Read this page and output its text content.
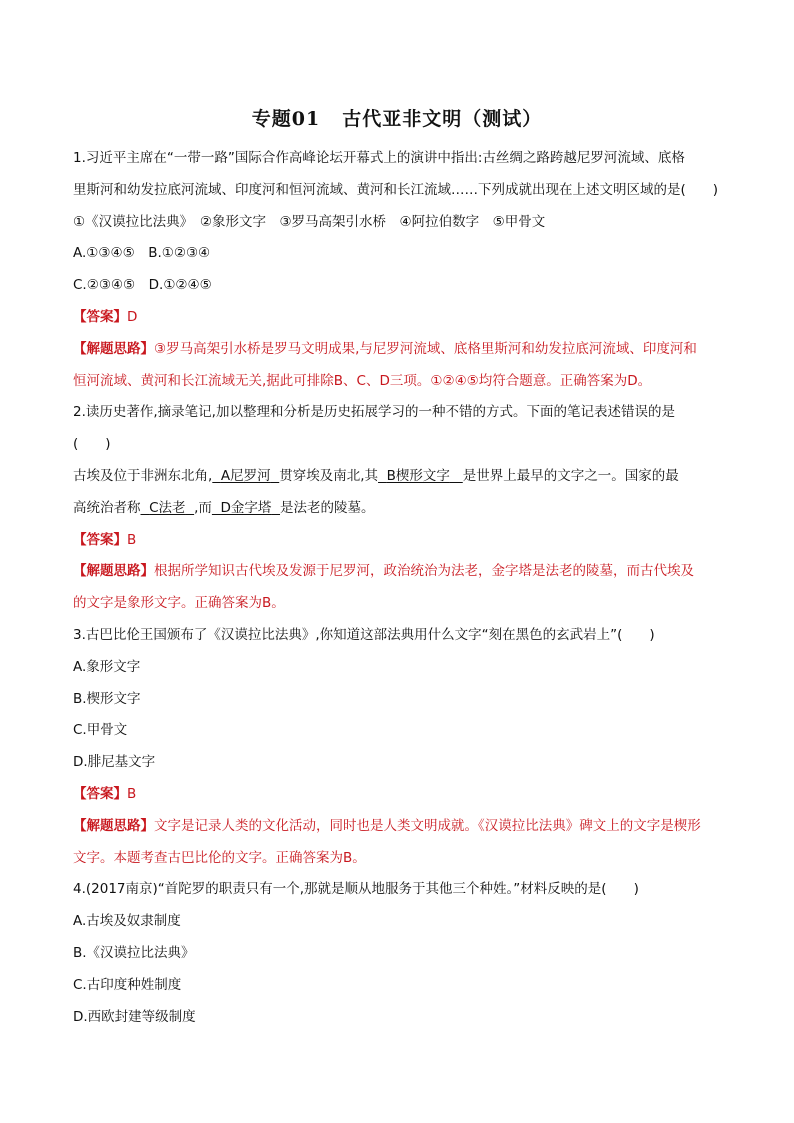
专题01 古代亚非文明（测试）
1.习近平主席在“一带一路”国际合作高峰论坛开幕式上的演讲中指出:古丝绸之路跨越尼罗河流域、底格
里斯河和幼发拉底河流域、印度河和恒河流域、黄河和长江流域……下列成就出现在上述文明区域的是(　　)
①《汉谟拉比法典》　②象形文字　③罗马高架引水桥　④阿拉伯数字　⑤甲骨文
A.①③④⑤　B.①②③④
C.②③④⑤　D.①②④⑤
【答案】D
【解题思路】③罗马高架引水桥是罗马文明成果,与尼罗河流域、底格里斯河和幼发拉底河流域、印度河和
恒河流域、黄河和长江流域无关,据此可排除B、C、D三项。①②④⑤均符合题意。正确答案为D。
2.读历史著作,摘录笔记,加以整理和分析是历史拓展学习的一种不错的方式。下面的笔记表述错误的是
(　　)
古埃及位于非洲东北角, A尼罗河 贯穿埃及南北,其 B楔形文字 是世界上最早的文字之一。国家的最
高统治者称 C法老 ,而 D金字塔 是法老的陵墓。
【答案】B
【解题思路】根据所学知识古代埃及发源于尼罗河，政治统治为法老，金字塔是法老的陵墓，而古代埃及
的文字是象形文字。正确答案为B。
3.古巴比伦王国颁布了《汉谟拉比法典》,你知道这部法典用什么文字“刻在黑色的玄武岩上”(　　)
A.象形文字
B.楔形文字
C.甲骨文
D.腓尼基文字
【答案】B
【解题思路】文字是记录人类的文化活动，同时也是人类文明成就。《汉谟拉比法典》碑文上的文字是楔形
文字。本题考查古巴比伦的文字。正确答案为B。
4.(2017南京)“首陀罗的职责只有一个,那就是顺从地服务于其他三个种姓。”材料反映的是(　　)
A.古埃及奴隶制度
B.《汉谟拉比法典》
C.古印度种姓制度
D.西欧封建等级制度
